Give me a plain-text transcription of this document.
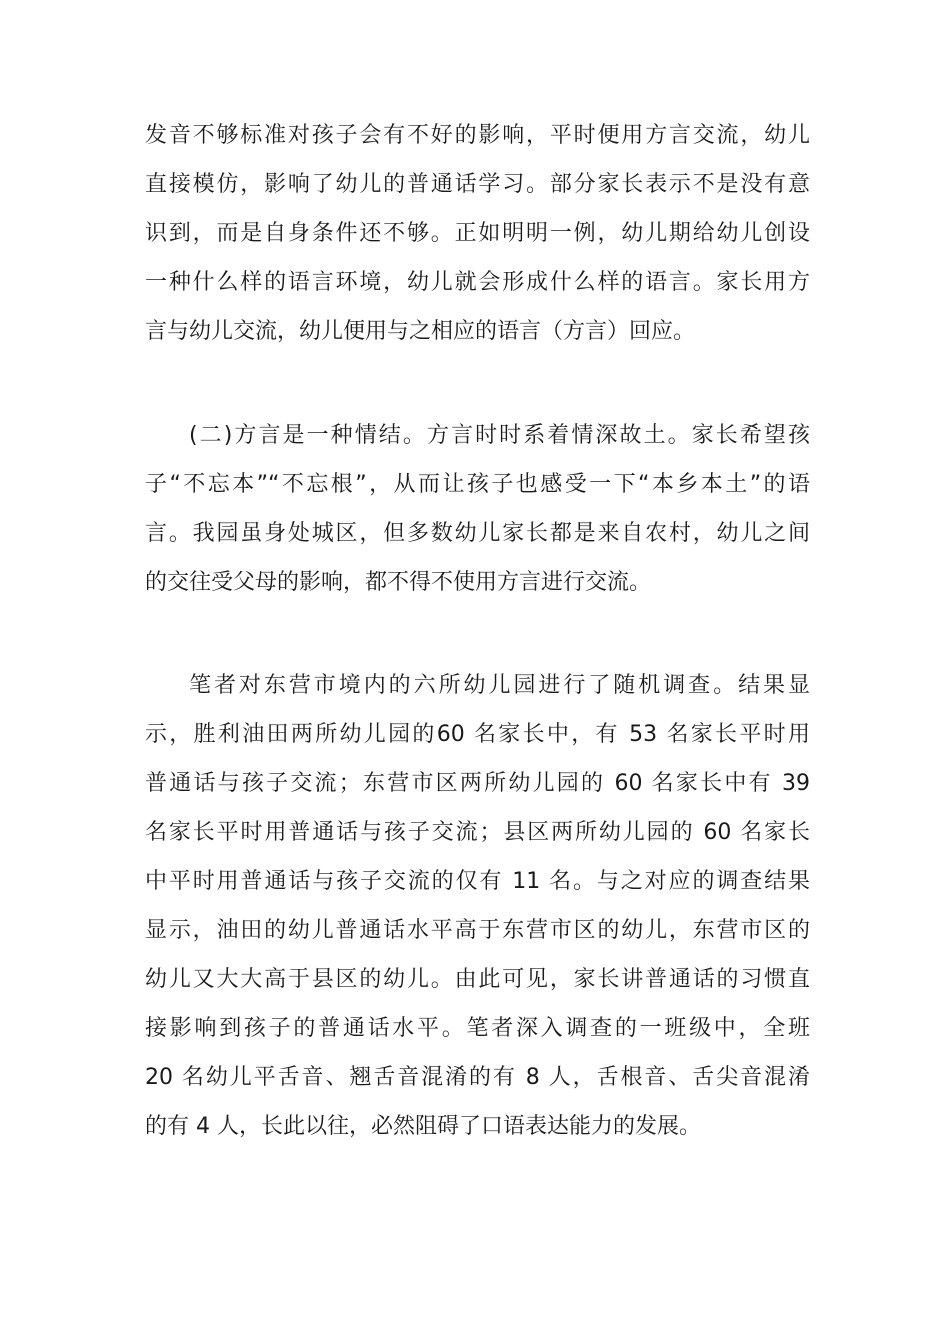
发音不够标准对孩子会有不好的影响，平时便用方言交流，幼儿
直接模仿，影响了幼儿的普通话学习。部分家长表示不是没有意
识到，而是自身条件还不够。正如明明一例，幼儿期给幼儿创设
一种什么样的语言环境，幼儿就会形成什么样的语言。家长用方
言与幼儿交流，幼儿便用与之相应的语言（方言）回应。
(二)方言是一种情结。方言时时系着情深故土。家长希望孩
子“不忘本”“不忘根”，从而让孩子也感受一下“本乡本土”的语
言。我园虽身处城区，但多数幼儿家长都是来自农村，幼儿之间
的交往受父母的影响，都不得不使用方言进行交流。
笔者对东营市境内的六所幼儿园进行了随机调查。结果显
示，胜利油田两所幼儿园的60 名家长中，有 53 名家长平时用
普通话与孩子交流；东营市区两所幼儿园的 60 名家长中有 39
名家长平时用普通话与孩子交流；县区两所幼儿园的 60 名家长
中平时用普通话与孩子交流的仅有 11 名。与之对应的调查结果
显示，油田的幼儿普通话水平高于东营市区的幼儿，东营市区的
幼儿又大大高于县区的幼儿。由此可见，家长讲普通话的习惯直
接影响到孩子的普通话水平。笔者深入调查的一班级中，全班
20 名幼儿平舌音、翘舌音混淆的有 8 人，舌根音、舌尖音混淆
的有 4 人，长此以往，必然阻碍了口语表达能力的发展。
